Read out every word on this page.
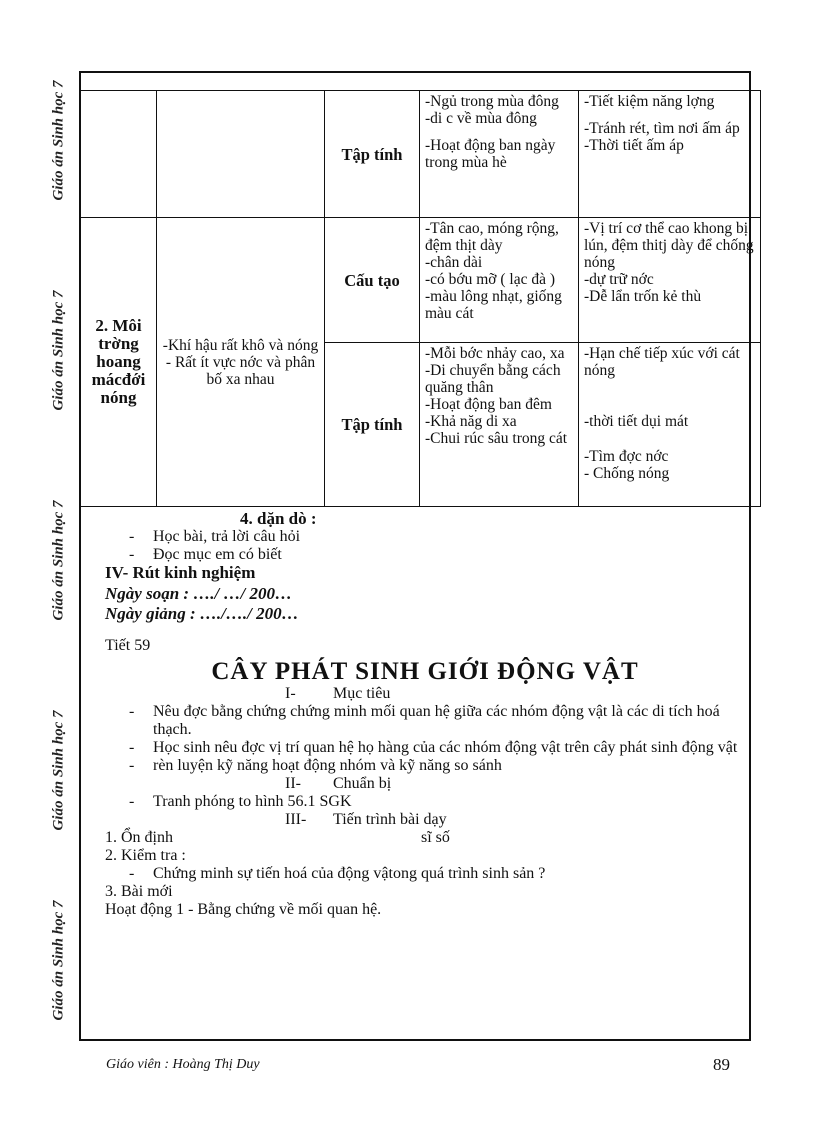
Giáo án Sinh học 7
Giáo án Sinh học 7
Giáo án Sinh học 7
Giáo án Sinh học 7
Giáo án Sinh học 7
		Tập tính	-Ngủ trong mùa đông
-di c về mùa đông
-Hoạt động ban ngày trong mùa hè	-Tiết kiệm năng lợng
-Tránh rét, tìm nơi ấm áp
-Thời tiết ấm áp

2. Môi trờng hoang mácđới nóng	-Khí hậu rất khô và nóng
- Rất ít vực nớc và phân bố xa nhau	Cấu tạo	-Tân cao, móng rộng, đệm thịt dày
-chân dài
-có bớu mỡ ( lạc đà )
-màu lông nhạt, giống màu cát	-Vị trí cơ thể cao khong bị lún, đệm thitj dày để chống nóng
-dự trữ nớc
-Dễ lẩn trốn kẻ thù

		Tập tính	-Mỗi bớc nhảy cao, xa
-Di chuyển bằng cách quăng thân
-Hoạt động ban đêm
-Khả năg di xa
-Chui rúc sâu trong cát	-Hạn chế tiếp xúc với cát nóng
-thời tiết dụi mát
-Tìm đợc nớc
- Chống nóng
4. dặn dò :
- Học bài, trả lời câu hỏi
- Đọc mục em có biết
IV- Rút kinh nghiệm
Ngày soạn : …./ …/ 200…
Ngày giảng : …./…./ 200…
Tiết 59
CÂY PHÁT SINH GIỚI ĐỘNG VẬT
I- Mục tiêu
- Nêu đợc bằng chứng chứng minh mối quan hệ giữa các nhóm động vật là các di tích hoá thạch.
- Học sinh nêu đợc vị trí quan hệ họ hàng của các nhóm động vật trên cây phát sinh động vật
- rèn luyện kỹ năng hoạt động nhóm và kỹ năng so sánh
II- Chuẩn bị
- Tranh phóng to hình 56.1 SGK
III- Tiến trình bài dạy
1. Ổn định	sĩ số
2. Kiểm tra :
- Chứng minh sự tiến hoá của động vậtong quá trình sinh sản ?
3. Bài mới
Hoạt động 1 - Bằng chứng về mối quan hệ.
Giáo viên : Hoàng Thị Duy	89
